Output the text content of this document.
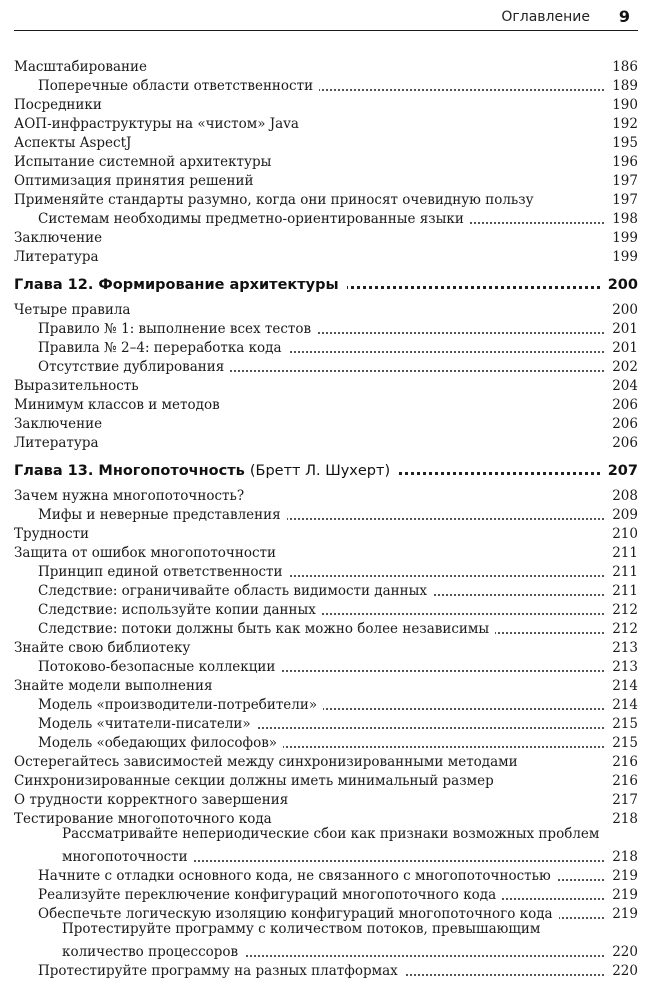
Оглавление 9
Масштабирование	186
Поперечные области ответственности	189
Посредники	190
АОП-инфраструктуры на «чистом» Java	192
Аспекты AspectJ	195
Испытание системной архитектуры	196
Оптимизация принятия решений	197
Применяйте стандарты разумно, когда они приносят очевидную пользу	197
Системам необходимы предметно-ориентированные языки	198
Заключение	199
Литература	199
Глава 12. Формирование архитектуры	200
Четыре правила	200
Правило № 1: выполнение всех тестов	201
Правила № 2–4: переработка кода	201
Отсутствие дублирования	202
Выразительность	204
Минимум классов и методов	206
Заключение	206
Литература	206
Глава 13. Многопоточность (Бретт Л. Шухерт)	207
Зачем нужна многопоточность?	208
Мифы и неверные представления	209
Трудности	210
Защита от ошибок многопоточности	211
Принцип единой ответственности	211
Следствие: ограничивайте область видимости данных	211
Следствие: используйте копии данных	212
Следствие: потоки должны быть как можно более независимы	212
Знайте свою библиотеку	213
Потоково-безопасные коллекции	213
Знайте модели выполнения	214
Модель «производители-потребители»	214
Модель «читатели-писатели»	215
Модель «обедающих философов»	215
Остерегайтесь зависимостей между синхронизированными методами	216
Синхронизированные секции должны иметь минимальный размер	216
О трудности корректного завершения	217
Тестирование многопоточного кода	218
Рассматривайте непериодические сбои как признаки возможных проблем
многопоточности	218
Начните с отладки основного кода, не связанного с многопоточностью	219
Реализуйте переключение конфигураций многопоточного кода	219
Обеспечьте логическую изоляцию конфигураций многопоточного кода	219
Протестируйте программу с количеством потоков, превышающим
количество процессоров	220
Протестируйте программу на разных платформах	220
